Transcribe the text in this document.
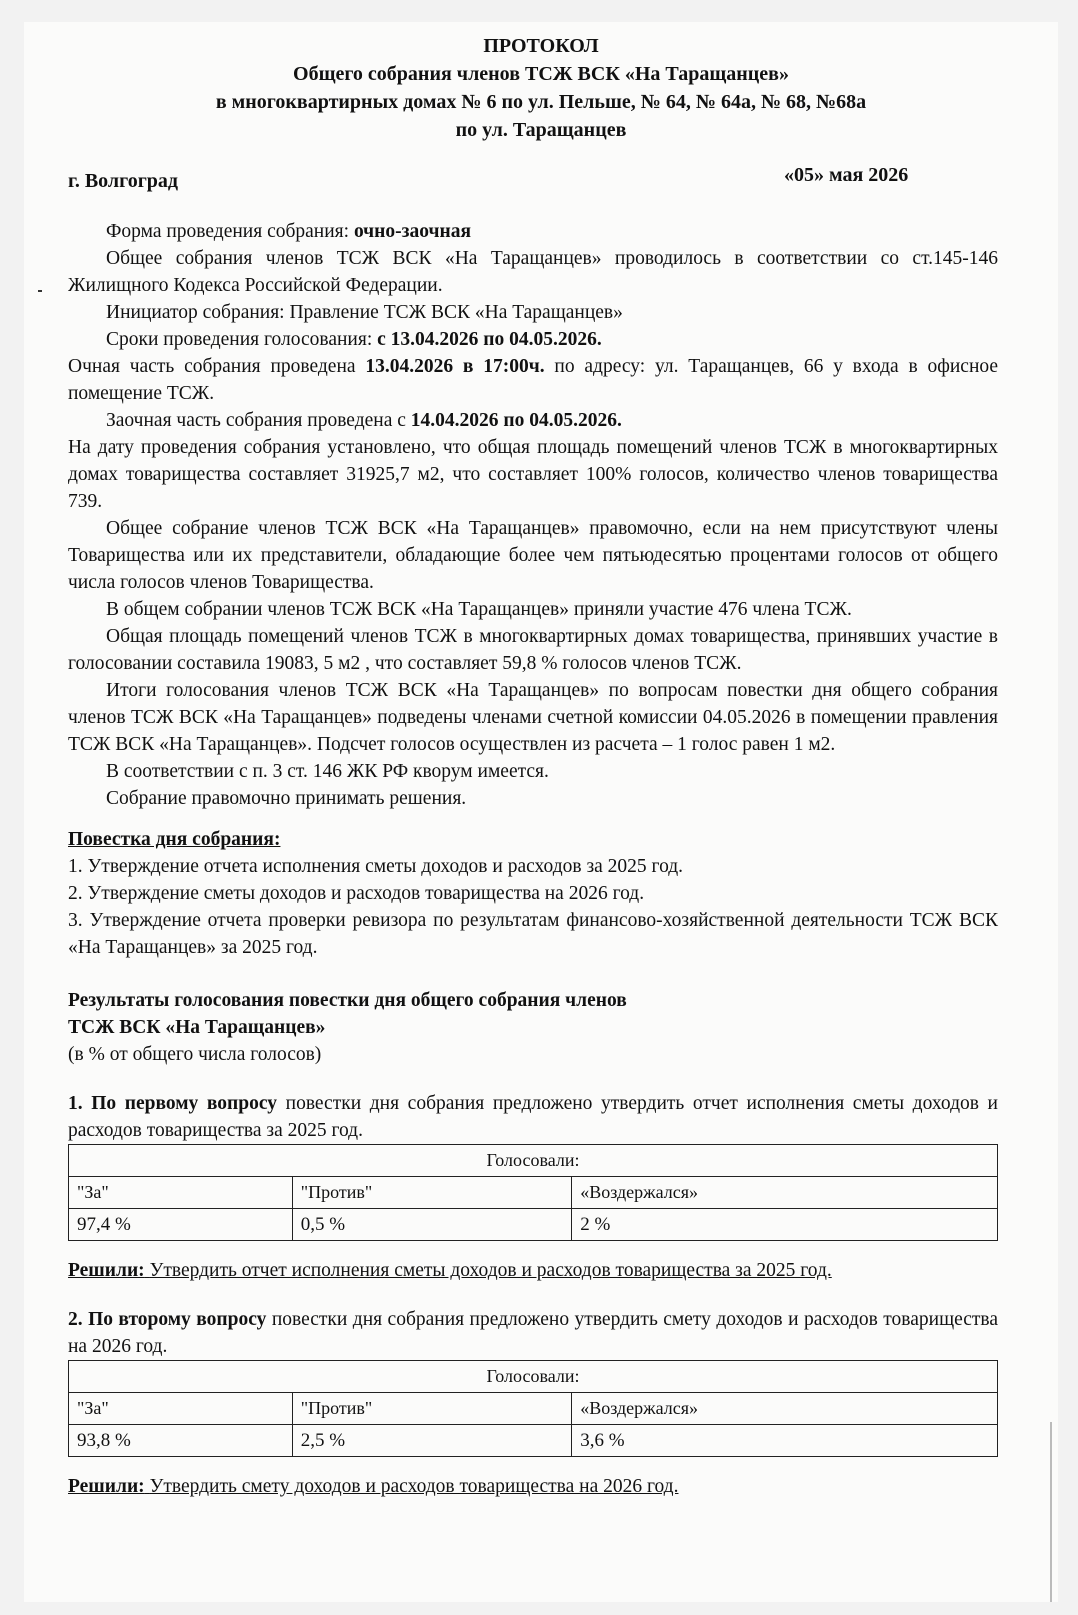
ПРОТОКОЛ
Общего собрания членов ТСЖ ВСК «На Таращанцев»
в многоквартирных домах № 6 по ул. Пельше, № 64, № 64а, № 68, №68а
по ул. Таращанцев
г. Волгоград	«05» мая 2026

Форма проведения собрания: очно-заочная

Общее собрания членов ТСЖ ВСК «На Таращанцев» проводилось в соответствии со ст.145-146 Жилищного Кодекса Российской Федерации.

Инициатор собрания: Правление ТСЖ ВСК «На Таращанцев»

Сроки проведения голосования: с 13.04.2026 по 04.05.2026.

Очная часть собрания проведена 13.04.2026 в 17:00ч. по адресу: ул. Таращанцев, 66 у входа в офисное помещение ТСЖ.

Заочная часть собрания проведена с 14.04.2026 по 04.05.2026.

На дату проведения собрания установлено, что общая площадь помещений членов ТСЖ в многоквартирных домах товарищества составляет 31925,7 м2, что составляет 100% голосов, количество членов товарищества 739.

Общее собрание членов ТСЖ ВСК «На Таращанцев» правомочно, если на нем присутствуют члены Товарищества или их представители, обладающие более чем пятьюдесятью процентами голосов от общего числа голосов членов Товарищества.

В общем собрании членов ТСЖ ВСК «На Таращанцев» приняли участие 476 члена ТСЖ.

Общая площадь помещений членов ТСЖ в многоквартирных домах товарищества, принявших участие в голосовании составила 19083, 5 м2 , что составляет 59,8 % голосов членов ТСЖ.

Итоги голосования членов ТСЖ ВСК «На Таращанцев» по вопросам повестки дня общего собрания членов ТСЖ ВСК «На Таращанцев» подведены членами счетной комиссии 04.05.2026 в помещении правления ТСЖ ВСК «На Таращанцев». Подсчет голосов осуществлен из расчета – 1 голос равен 1 м2.

В соответствии с п. 3 ст. 146 ЖК РФ кворум имеется.

Собрание правомочно принимать решения.

Повестка дня собрания:

1. Утверждение отчета исполнения сметы доходов и расходов за 2025 год.

2. Утверждение сметы доходов и расходов товарищества на 2026 год.

3. Утверждение отчета проверки ревизора по результатам финансово-хозяйственной деятельности ТСЖ ВСК «На Таращанцев» за 2025 год.

Результаты голосования повестки дня общего собрания членов

ТСЖ ВСК «На Таращанцев»

(в % от общего числа голосов)

1. По первому вопросу повестки дня собрания предложено утвердить отчет исполнения сметы доходов и расходов товарищества за 2025 год.

Голосовали:		
"За"	"Против"	«Воздержался»
97,4 %	0,5 %	2 %

Решили: Утвердить отчет исполнения сметы доходов и расходов товарищества за 2025 год.

2. По второму вопросу повестки дня собрания предложено утвердить смету доходов и расходов товарищества на 2026 год.

Голосовали:		
"За"	"Против"	«Воздержался»
93,8 %	2,5 %	3,6 %

Решили: Утвердить смету доходов и расходов товарищества на 2026 год.
